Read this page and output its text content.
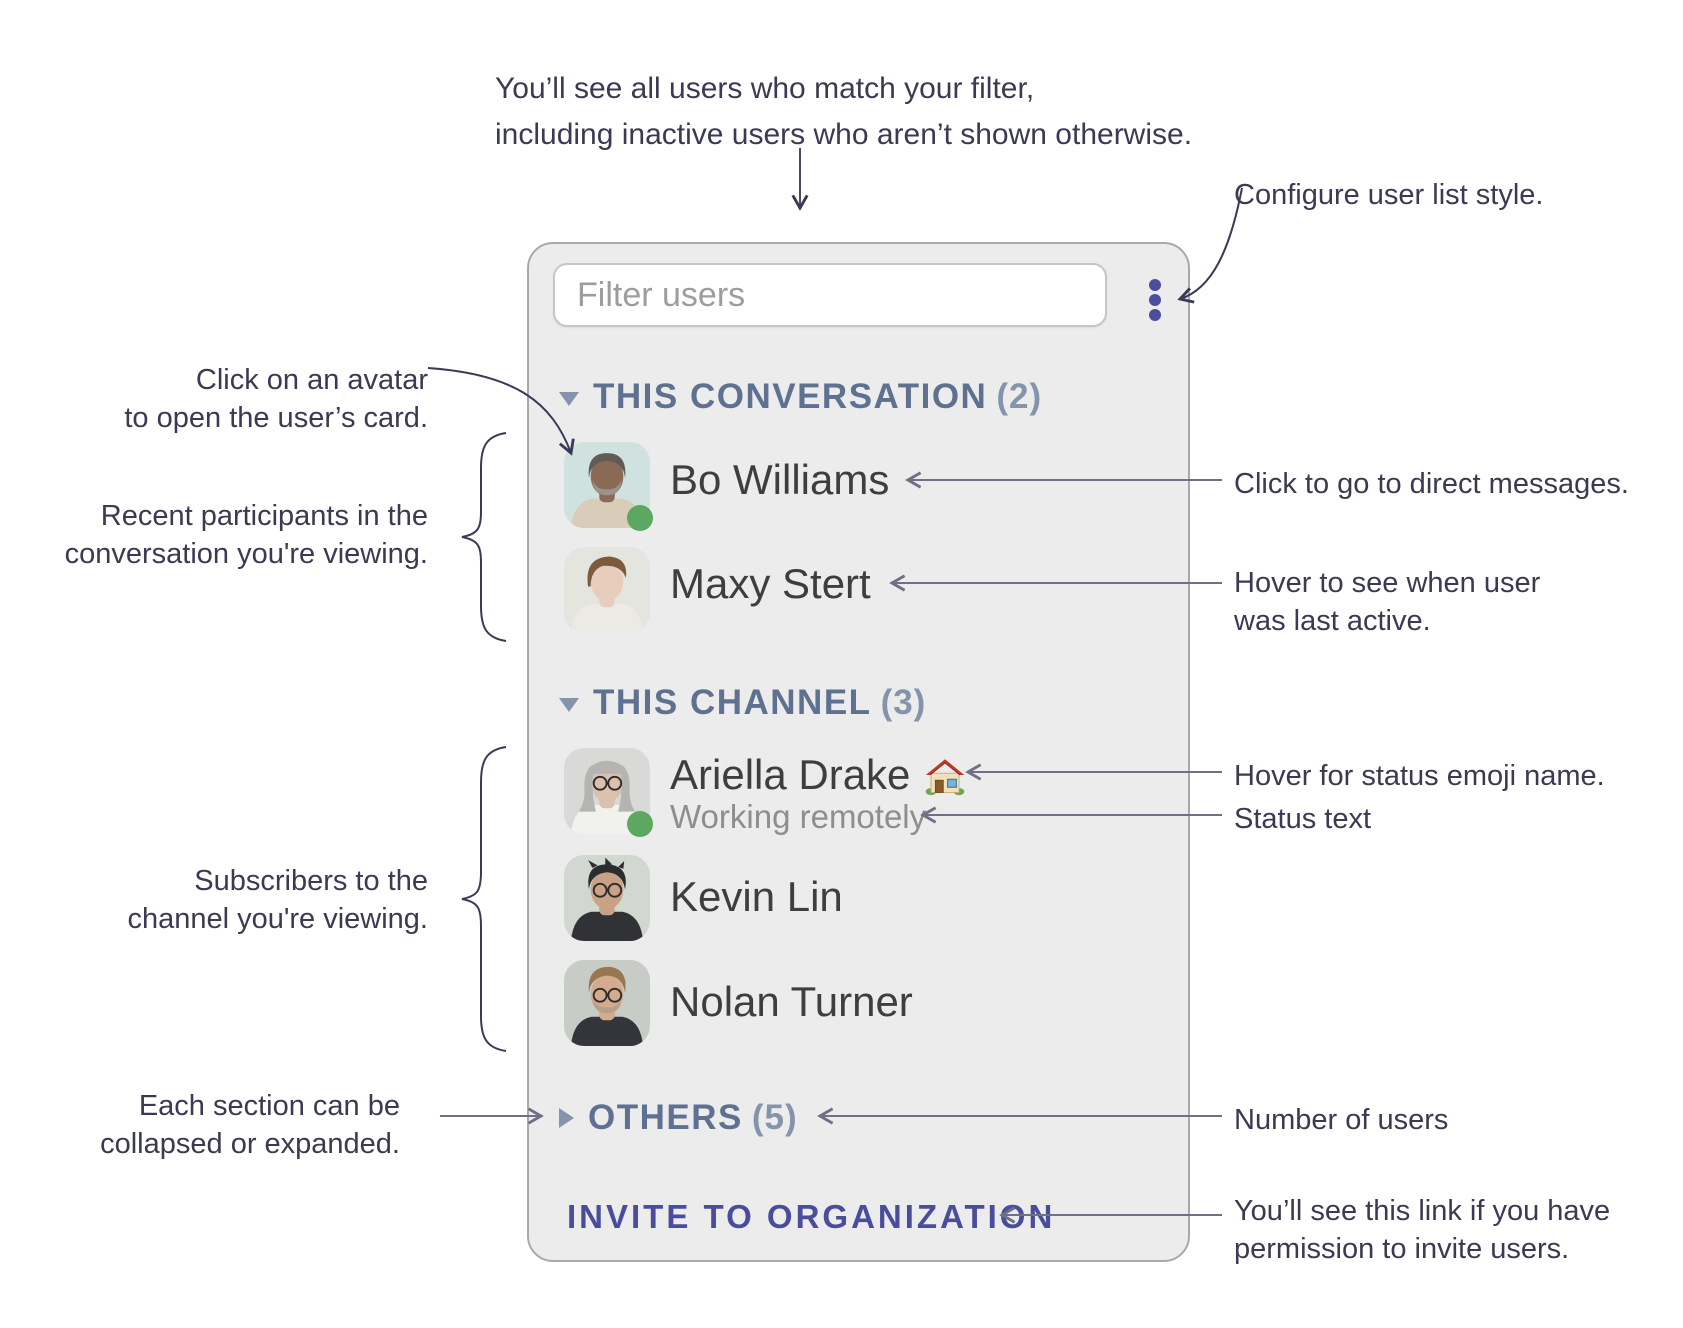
You’ll see all users who match your filter,
including inactive users who aren’t shown otherwise.
Configure user list style.
Click on an avatar
to open the user’s card.
Recent participants in the
conversation you're viewing.
Click to go to direct messages.
Hover to see when user
was last active.
Hover for status emoji name.
Status text
Subscribers to the
channel you're viewing.
Each section can be
collapsed or expanded.
Number of users
You’ll see this link if you have
permission to invite users.
Filter users
THIS CONVERSATION (2)
Bo Williams
Maxy Stert
THIS CHANNEL (3)
Ariella Drake
Working remotely
Kevin Lin
Nolan Turner
OTHERS (5)
INVITE TO ORGANIZATION
